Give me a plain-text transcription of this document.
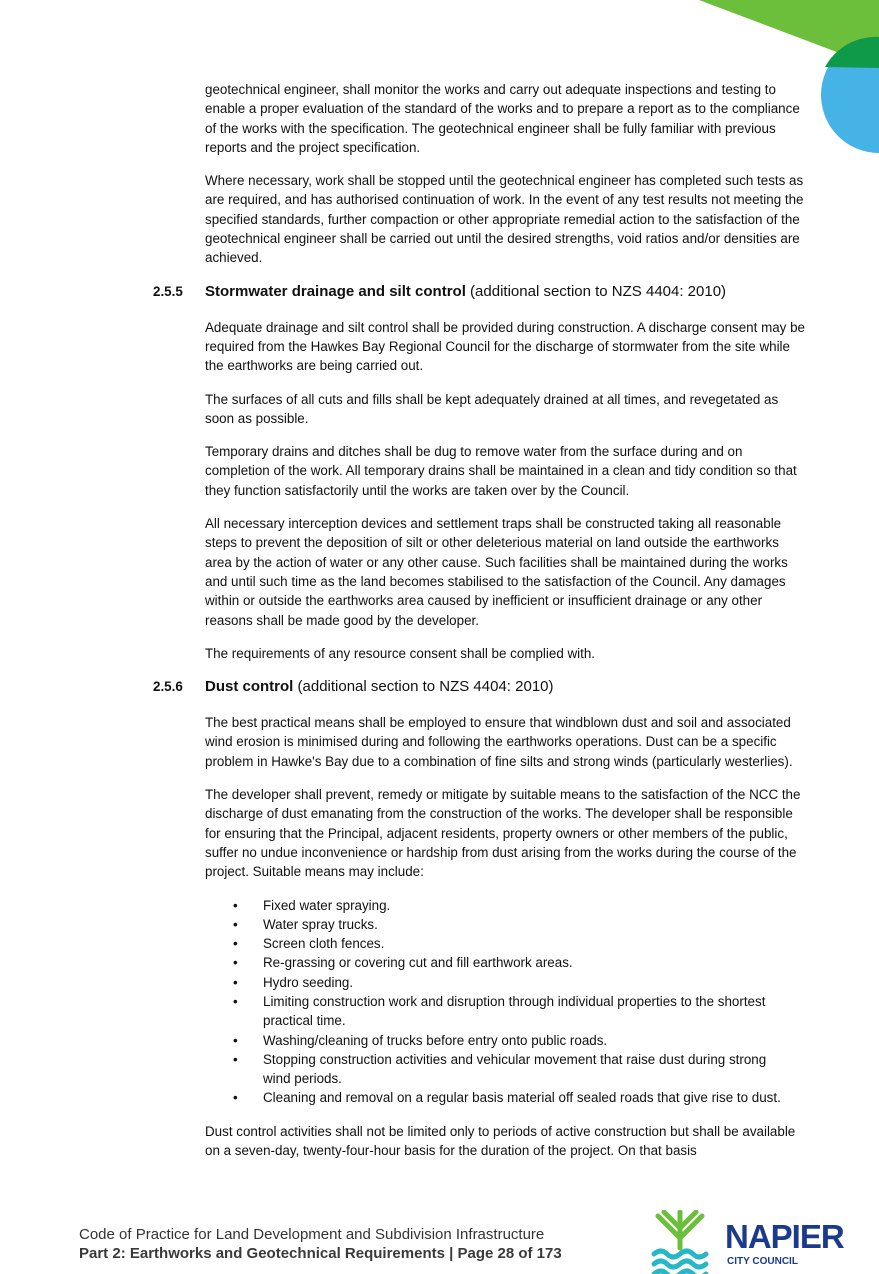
geotechnical engineer, shall monitor the works and carry out adequate inspections and testing to enable a proper evaluation of the standard of the works and to prepare a report as to the compliance of the works with the specification. The geotechnical engineer shall be fully familiar with previous reports and the project specification.

Where necessary, work shall be stopped until the geotechnical engineer has completed such tests as are required, and has authorised continuation of work. In the event of any test results not meeting the specified standards, further compaction or other appropriate remedial action to the satisfaction of the geotechnical engineer shall be carried out until the desired strengths, void ratios and/or densities are achieved.

2.5.5 Stormwater drainage and silt control (additional section to NZS 4404: 2010)

Adequate drainage and silt control shall be provided during construction. A discharge consent may be required from the Hawkes Bay Regional Council for the discharge of stormwater from the site while the earthworks are being carried out.

The surfaces of all cuts and fills shall be kept adequately drained at all times, and revegetated as soon as possible.

Temporary drains and ditches shall be dug to remove water from the surface during and on completion of the work. All temporary drains shall be maintained in a clean and tidy condition so that they function satisfactorily until the works are taken over by the Council.

All necessary interception devices and settlement traps shall be constructed taking all reasonable steps to prevent the deposition of silt or other deleterious material on land outside the earthworks area by the action of water or any other cause. Such facilities shall be maintained during the works and until such time as the land becomes stabilised to the satisfaction of the Council. Any damages within or outside the earthworks area caused by inefficient or insufficient drainage or any other reasons shall be made good by the developer.

The requirements of any resource consent shall be complied with.

2.5.6 Dust control (additional section to NZS 4404: 2010)

The best practical means shall be employed to ensure that windblown dust and soil and associated wind erosion is minimised during and following the earthworks operations. Dust can be a specific problem in Hawke's Bay due to a combination of fine silts and strong winds (particularly westerlies).

The developer shall prevent, remedy or mitigate by suitable means to the satisfaction of the NCC the discharge of dust emanating from the construction of the works. The developer shall be responsible for ensuring that the Principal, adjacent residents, property owners or other members of the public, suffer no undue inconvenience or hardship from dust arising from the works during the course of the project. Suitable means may include:

• Fixed water spraying.
• Water spray trucks.
• Screen cloth fences.
• Re-grassing or covering cut and fill earthwork areas.
• Hydro seeding.
• Limiting construction work and disruption through individual properties to the shortest practical time.
• Washing/cleaning of trucks before entry onto public roads.
• Stopping construction activities and vehicular movement that raise dust during strong wind periods.
• Cleaning and removal on a regular basis material off sealed roads that give rise to dust.

Dust control activities shall not be limited only to periods of active construction but shall be available on a seven-day, twenty-four-hour basis for the duration of the project. On that basis

Code of Practice for Land Development and Subdivision Infrastructure
Part 2: Earthworks and Geotechnical Requirements | Page 28 of 173	NAPIER
CITY COUNCIL
